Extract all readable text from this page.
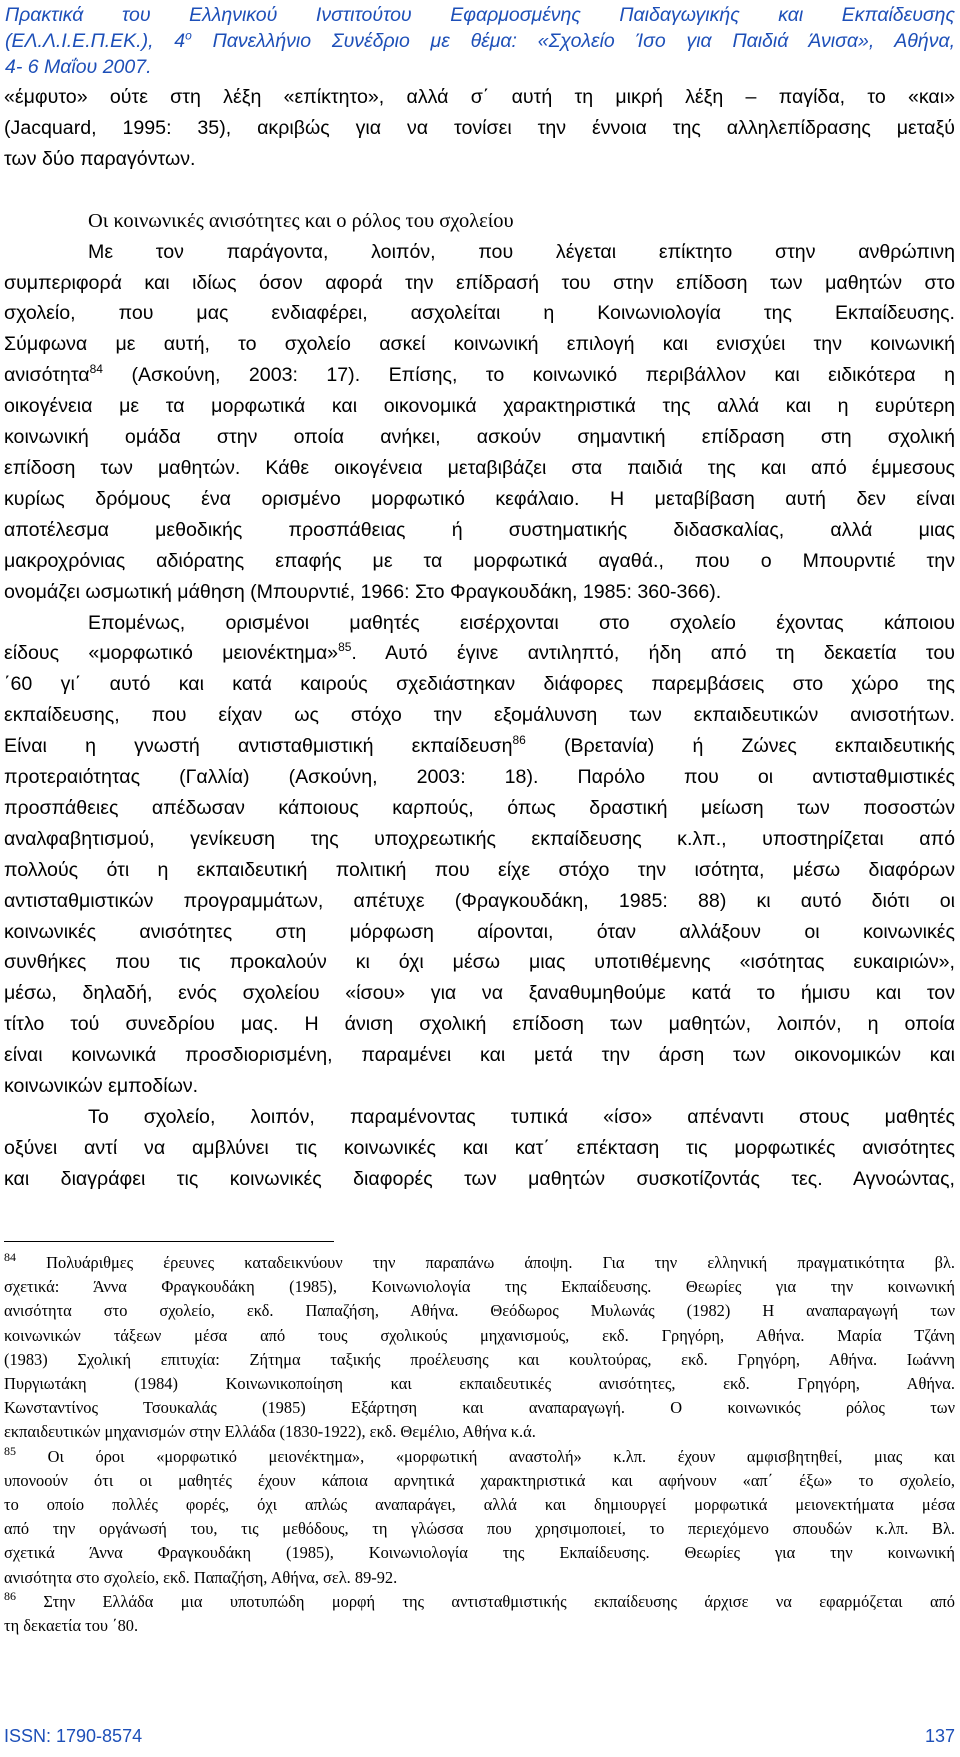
Πρακτικά του Ελληνικού Ινστιτούτου Εφαρμοσμένης Παιδαγωγικής και Εκπαίδευσης
(ΕΛ.Λ.Ι.Ε.Π.ΕΚ.), $4^o$ Πανελλήνιο Συνέδριο με θέμα: «Σχολείο Ίσο για Παιδιά Άνισα», Αθήνα,
4- 6 Μαΐου 2007.
«έμφυτο» ούτε στη λέξη «επίκτητο», αλλά σ΄ αυτή τη μικρή λέξη – παγίδα, το «και»
(Jacquard, 1995: 35), ακριβώς για να τονίσει την έννοια της αλληλεπίδρασης μεταξύ
των δύο παραγόντων.
Οι κοινωνικές ανισότητες και ο ρόλος του σχολείου
Με τον παράγοντα, λοιπόν, που λέγεται επίκτητο στην ανθρώπινη
συμπεριφορά και ιδίως όσον αφορά την επίδρασή του στην επίδοση των μαθητών στο
σχολείο, που μας ενδιαφέρει, ασχολείται η Κοινωνιολογία της Εκπαίδευσης.
Σύμφωνα με αυτή, το σχολείο ασκεί κοινωνική επιλογή και ενισχύει την κοινωνική
ανισότητα$^{84}$ (Ασκούνη, 2003: 17). Επίσης, το κοινωνικό περιβάλλον και ειδικότερα η
οικογένεια με τα μορφωτικά και οικονομικά χαρακτηριστικά της αλλά και η ευρύτερη
κοινωνική ομάδα στην οποία ανήκει, ασκούν σημαντική επίδραση στη σχολική
επίδοση των μαθητών. Κάθε οικογένεια μεταβιβάζει στα παιδιά της και από έμμεσους
κυρίως δρόμους ένα ορισμένο μορφωτικό κεφάλαιο. Η μεταβίβαση αυτή δεν είναι
αποτέλεσμα μεθοδικής προσπάθειας ή συστηματικής διδασκαλίας, αλλά μιας
μακροχρόνιας αδιόρατης επαφής με τα μορφωτικά αγαθά., που ο Μπουρντιέ την
ονομάζει ωσμωτική μάθηση (Μπουρντιέ, 1966: Στο Φραγκουδάκη, 1985: 360-366).
Επομένως, ορισμένοι μαθητές εισέρχονται στο σχολείο έχοντας κάποιου
είδους «μορφωτικό μειονέκτημα»$^{85}$. Αυτό έγινε αντιληπτό, ήδη από τη δεκαετία του
΄60 γι΄ αυτό και κατά καιρούς σχεδιάστηκαν διάφορες παρεμβάσεις στο χώρο της
εκπαίδευσης, που είχαν ως στόχο την εξομάλυνση των εκπαιδευτικών ανισοτήτων.
Είναι η γνωστή αντισταθμιστική εκπαίδευση$^{86}$ (Βρετανία) ή Ζώνες εκπαιδευτικής
προτεραιότητας (Γαλλία) (Ασκούνη, 2003: 18). Παρόλο που οι αντισταθμιστικές
προσπάθειες απέδωσαν κάποιους καρπούς, όπως δραστική μείωση των ποσοστών
αναλφαβητισμού, γενίκευση της υποχρεωτικής εκπαίδευσης κ.λπ., υποστηρίζεται από
πολλούς ότι η εκπαιδευτική πολιτική που είχε στόχο την ισότητα, μέσω διαφόρων
αντισταθμιστικών προγραμμάτων, απέτυχε (Φραγκουδάκη, 1985: 88) κι αυτό διότι οι
κοινωνικές ανισότητες στη μόρφωση αίρονται, όταν αλλάξουν οι κοινωνικές
συνθήκες που τις προκαλούν κι όχι μέσω μιας υποτιθέμενης «ισότητας ευκαιριών»,
μέσω, δηλαδή, ενός σχολείου «ίσου» για να ξαναθυμηθούμε κατά το ήμισυ και τον
τίτλο τού συνεδρίου μας. Η άνιση σχολική επίδοση των μαθητών, λοιπόν, η οποία
είναι κοινωνικά προσδιορισμένη, παραμένει και μετά την άρση των οικονομικών και
κοινωνικών εμποδίων.
Το σχολείο, λοιπόν, παραμένοντας τυπικά «ίσο» απέναντι στους μαθητές
οξύνει αντί να αμβλύνει τις κοινωνικές και κατ΄ επέκταση τις μορφωτικές ανισότητες
και διαγράφει τις κοινωνικές διαφορές των μαθητών συσκοτίζοντάς τες. Αγνοώντας,
$^{84}$ Πολυάριθμες έρευνες καταδεικνύουν την παραπάνω άποψη. Για την ελληνική πραγματικότητα βλ.
σχετικά: Άννα Φραγκουδάκη (1985), Κοινωνιολογία της Εκπαίδευσης. Θεωρίες για την κοινωνική
ανισότητα στο σχολείο, εκδ. Παπαζήση, Αθήνα. Θεόδωρος Μυλωνάς (1982) Η αναπαραγωγή των
κοινωνικών τάξεων μέσα από τους σχολικούς μηχανισμούς, εκδ. Γρηγόρη, Αθήνα. Μαρία Τζάνη
(1983) Σχολική επιτυχία: Ζήτημα ταξικής προέλευσης και κουλτούρας, εκδ. Γρηγόρη, Αθήνα. Ιωάννη
Πυργιωτάκη (1984) Κοινωνικοποίηση και εκπαιδευτικές ανισότητες, εκδ. Γρηγόρη, Αθήνα.
Κωνσταντίνος Τσουκαλάς (1985) Εξάρτηση και αναπαραγωγή. Ο κοινωνικός ρόλος των
εκπαιδευτικών μηχανισμών στην Ελλάδα (1830-1922), εκδ. Θεμέλιο, Αθήνα κ.ά.
$^{85}$ Οι όροι «μορφωτικό μειονέκτημα», «μορφωτική αναστολή» κ.λπ. έχουν αμφισβητηθεί, μιας και
υπονοούν ότι οι μαθητές έχουν κάποια αρνητικά χαρακτηριστικά και αφήνουν «απ΄ έξω» το σχολείο,
το οποίο πολλές φορές, όχι απλώς αναπαράγει, αλλά και δημιουργεί μορφωτικά μειονεκτήματα μέσα
από την οργάνωσή του, τις μεθόδους, τη γλώσσα που χρησιμοποιεί, το περιεχόμενο σπουδών κ.λπ. Βλ.
σχετικά Άννα Φραγκουδάκη (1985), Κοινωνιολογία της Εκπαίδευσης. Θεωρίες για την κοινωνική
ανισότητα στο σχολείο, εκδ. Παπαζήση, Αθήνα, σελ. 89-92.
$^{86}$ Στην Ελλάδα μια υποτυπώδη μορφή της αντισταθμιστικής εκπαίδευσης άρχισε να εφαρμόζεται από
τη δεκαετία του ΄80.
ISSN: 1790-8574	137
